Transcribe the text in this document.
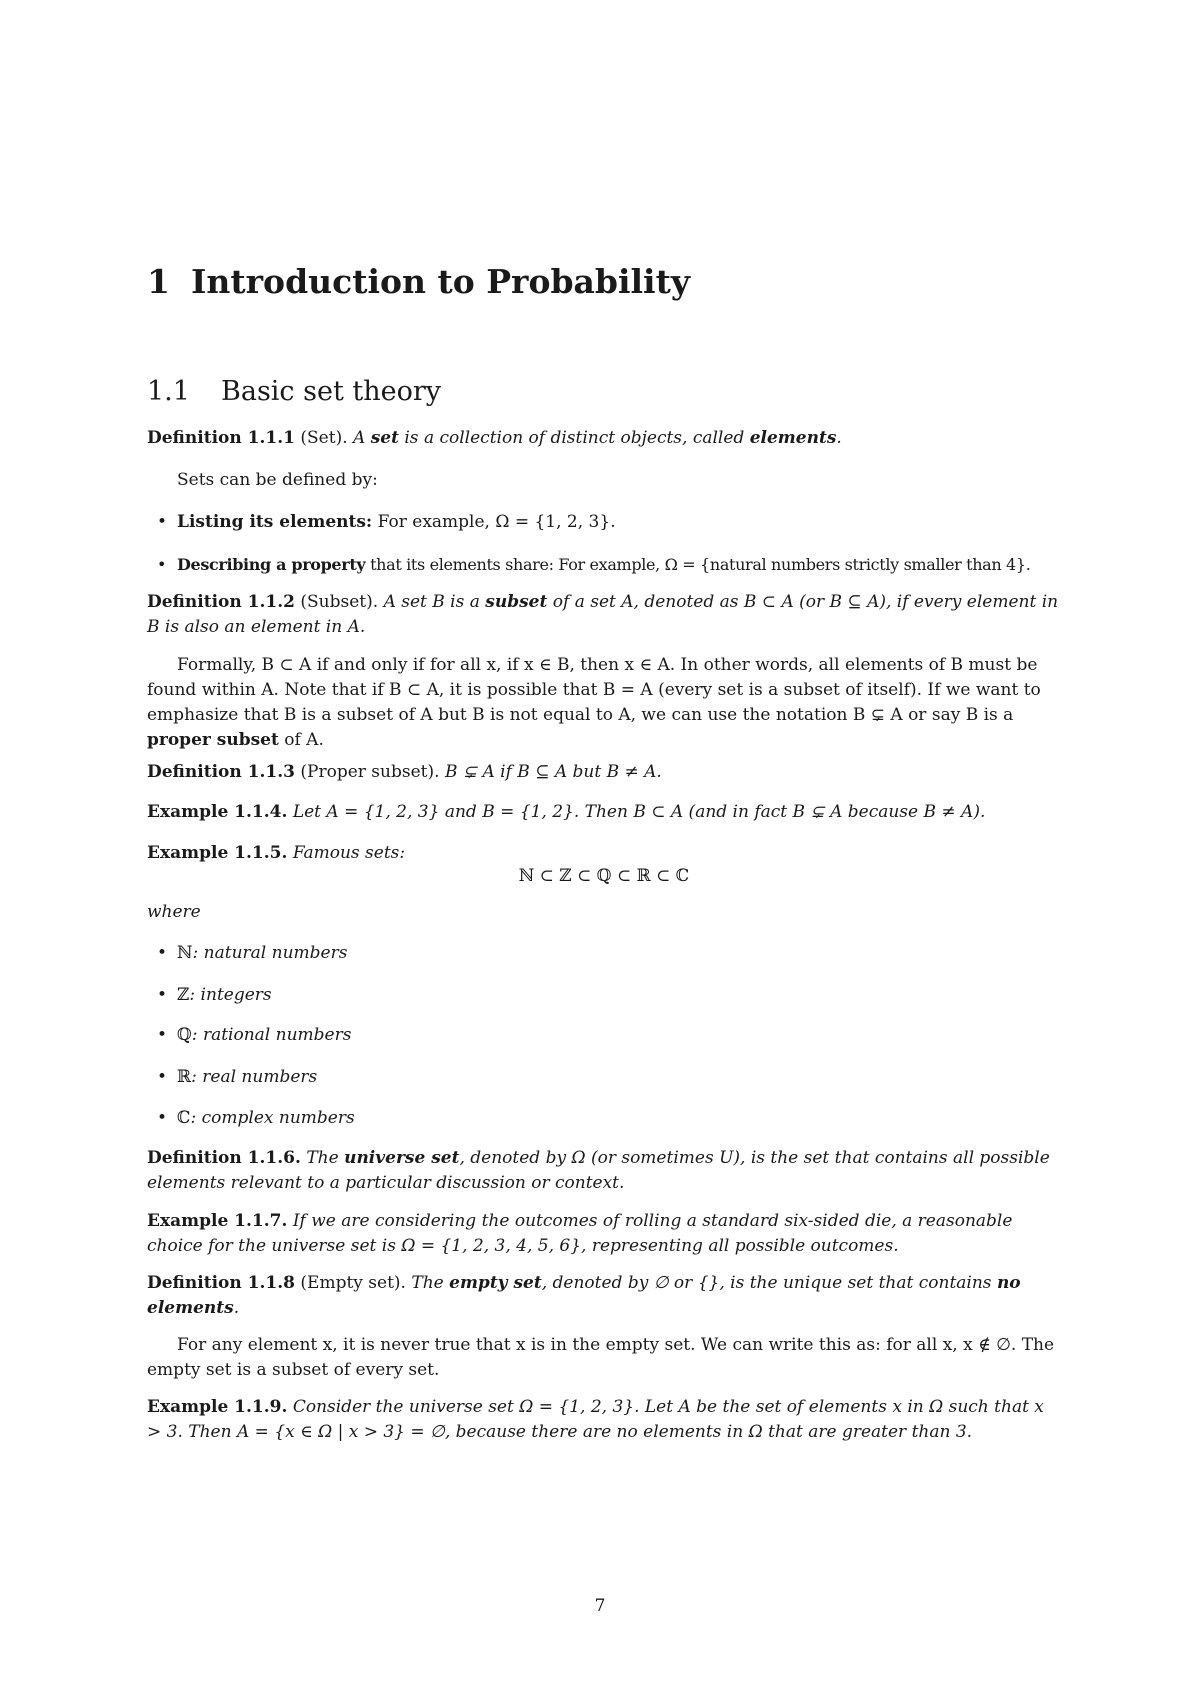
1 Introduction to Probability
1.1 Basic set theory
Definition 1.1.1 (Set). A set is a collection of distinct objects, called elements.
Sets can be defined by:
• Listing its elements: For example, Ω = {1, 2, 3}.
• Describing a property that its elements share: For example, Ω = {natural numbers strictly smaller than 4}.
Definition 1.1.2 (Subset). A set B is a subset of a set A, denoted as B ⊂ A (or B ⊆ A), if every element in B is also an element in A.
Formally, B ⊂ A if and only if for all x, if x ∈ B, then x ∈ A. In other words, all elements of B must be found within A. Note that if B ⊂ A, it is possible that B = A (every set is a subset of itself). If we want to emphasize that B is a subset of A but B is not equal to A, we can use the notation B ⊊ A or say B is a proper subset of A.
Definition 1.1.3 (Proper subset). B ⊊ A if B ⊆ A but B ≠ A.
Example 1.1.4. Let A = {1, 2, 3} and B = {1, 2}. Then B ⊂ A (and in fact B ⊊ A because B ≠ A).
Example 1.1.5. Famous sets:
ℕ ⊂ ℤ ⊂ ℚ ⊂ ℝ ⊂ ℂ
where
• ℕ: natural numbers
• ℤ: integers
• ℚ: rational numbers
• ℝ: real numbers
• ℂ: complex numbers
Definition 1.1.6. The universe set, denoted by Ω (or sometimes U), is the set that contains all possible elements relevant to a particular discussion or context.
Example 1.1.7. If we are considering the outcomes of rolling a standard six-sided die, a reasonable choice for the universe set is Ω = {1, 2, 3, 4, 5, 6}, representing all possible outcomes.
Definition 1.1.8 (Empty set). The empty set, denoted by ∅ or {}, is the unique set that contains no elements.
For any element x, it is never true that x is in the empty set. We can write this as: for all x, x ∉ ∅. The empty set is a subset of every set.
Example 1.1.9. Consider the universe set Ω = {1, 2, 3}. Let A be the set of elements x in Ω such that x > 3. Then A = {x ∈ Ω | x > 3} = ∅, because there are no elements in Ω that are greater than 3.
7
